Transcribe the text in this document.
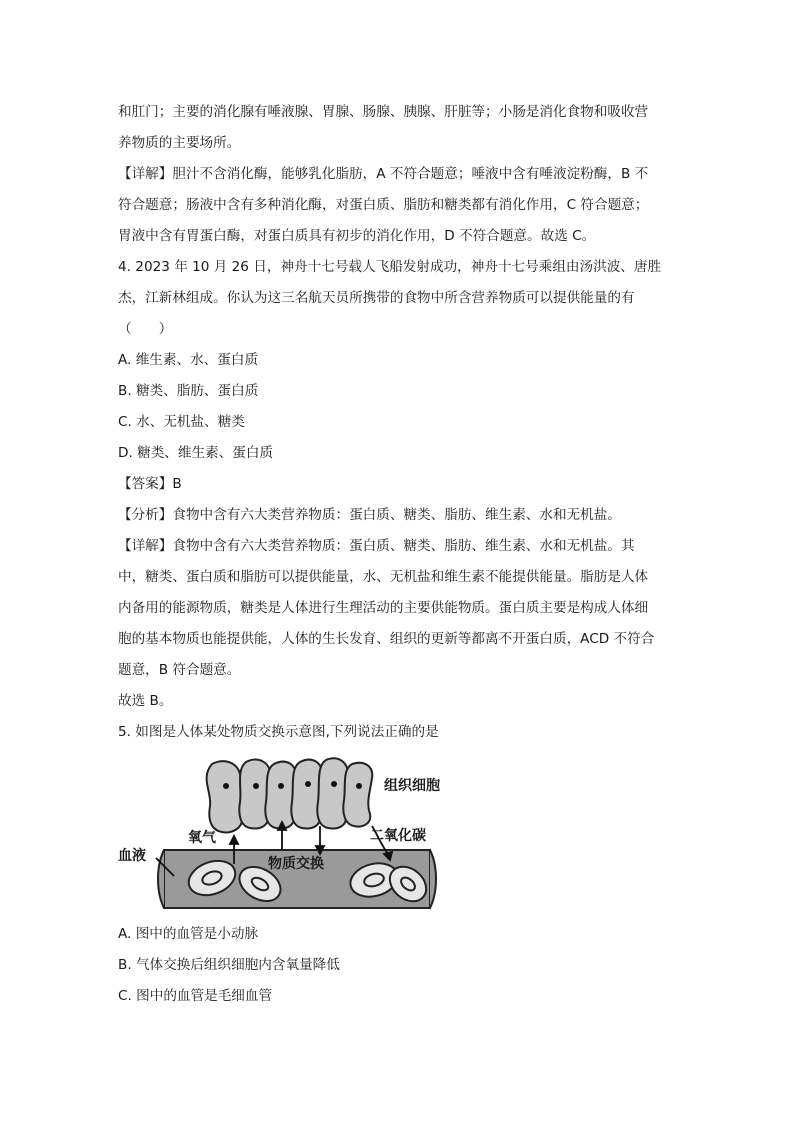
和肛门；主要的消化腺有唾液腺、胃腺、肠腺、胰腺、肝脏等；小肠是消化食物和吸收营
养物质的主要场所。
【详解】胆汁不含消化酶，能够乳化脂肪，A 不符合题意；唾液中含有唾液淀粉酶，B 不
符合题意；肠液中含有多种消化酶，对蛋白质、脂肪和糖类都有消化作用，C 符合题意；
胃液中含有胃蛋白酶，对蛋白质具有初步的消化作用，D 不符合题意。故选 C。
4. 2023 年 10 月 26 日，神舟十七号载人飞船发射成功，神舟十七号乘组由汤洪波、唐胜
杰，江新林组成。你认为这三名航天员所携带的食物中所含营养物质可以提供能量的有
（　　）
A. 维生素、水、蛋白质
B. 糖类、脂肪、蛋白质
C. 水、无机盐、糖类
D. 糖类、维生素、蛋白质
【答案】B
【分析】食物中含有六大类营养物质：蛋白质、糖类、脂肪、维生素、水和无机盐。
【详解】食物中含有六大类营养物质：蛋白质、糖类、脂肪、维生素、水和无机盐。其
中，糖类、蛋白质和脂肪可以提供能量，水、无机盐和维生素不能提供能量。脂肪是人体
内备用的能源物质，糖类是人体进行生理活动的主要供能物质。蛋白质主要是构成人体细
胞的基本物质也能提供能，人体的生长发育、组织的更新等都离不开蛋白质，ACD 不符合
题意，B 符合题意。
故选 B。
5. 如图是人体某处物质交换示意图,下列说法正确的是
组织细胞
氧气	二氧化碳
血液	物质交换
A. 图中的血管是小动脉
B. 气体交换后组织细胞内含氧量降低
C. 图中的血管是毛细血管
